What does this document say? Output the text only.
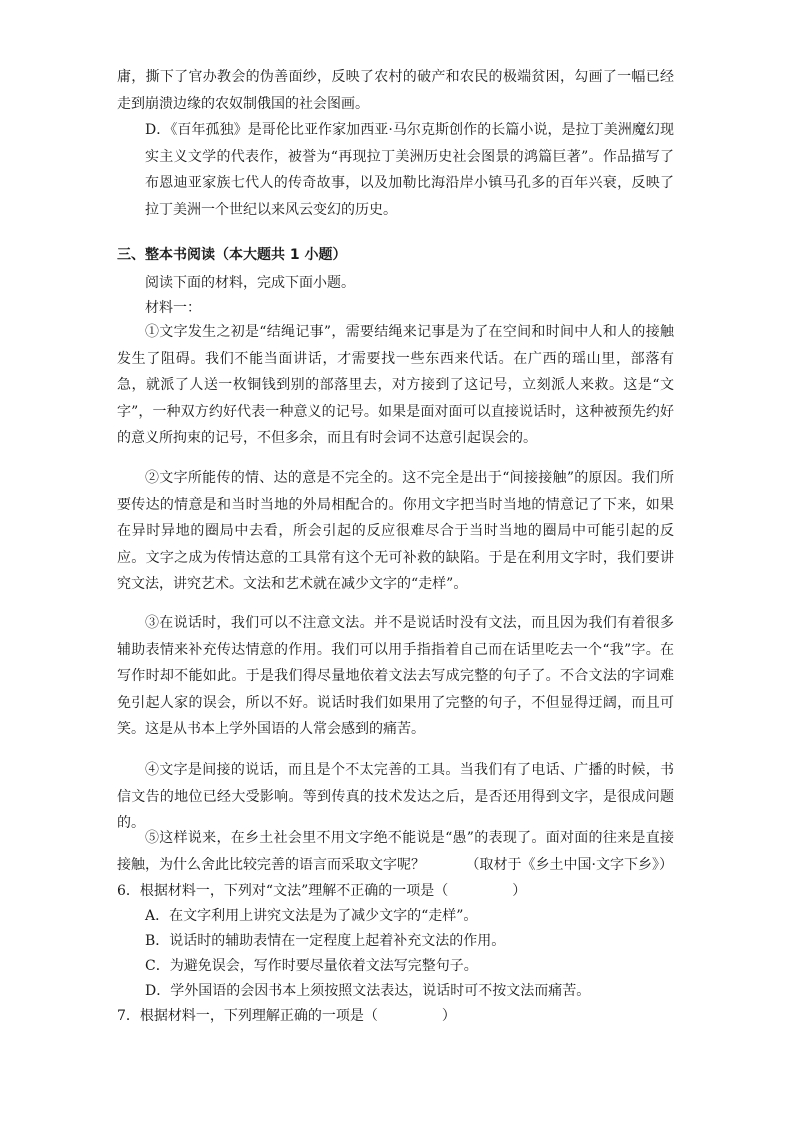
庸，撕下了官办教会的伪善面纱，反映了农村的破产和农民的极端贫困，勾画了一幅已经走到崩溃边缘的农奴制俄国的社会图画。

D．《百年孤独》是哥伦比亚作家加西亚·马尔克斯创作的长篇小说，是拉丁美洲魔幻现实主义文学的代表作，被誉为“再现拉丁美洲历史社会图景的鸿篇巨著”。作品描写了布恩迪亚家族七代人的传奇故事，以及加勒比海沿岸小镇马孔多的百年兴衰，反映了拉丁美洲一个世纪以来风云变幻的历史。

三、整本书阅读（本大题共 1 小题）

阅读下面的材料，完成下面小题。

材料一：

①文字发生之初是“结绳记事”，需要结绳来记事是为了在空间和时间中人和人的接触发生了阻碍。我们不能当面讲话，才需要找一些东西来代话。在广西的瑶山里，部落有急，就派了人送一枚铜钱到别的部落里去，对方接到了这记号，立刻派人来救。这是“文字”，一种双方约好代表一种意义的记号。如果是面对面可以直接说话时，这种被预先约好的意义所拘束的记号，不但多余，而且有时会词不达意引起误会的。

②文字所能传的情、达的意是不完全的。这不完全是出于“间接接触”的原因。我们所要传达的情意是和当时当地的外局相配合的。你用文字把当时当地的情意记了下来，如果在异时异地的圈局中去看，所会引起的反应很难尽合于当时当地的圈局中可能引起的反应。文字之成为传情达意的工具常有这个无可补救的缺陷。于是在利用文字时，我们要讲究文法，讲究艺术。文法和艺术就在减少文字的“走样”。

③在说话时，我们可以不注意文法。并不是说话时没有文法，而且因为我们有着很多辅助表情来补充传达情意的作用。我们可以用手指指着自己而在话里吃去一个“我”字。在写作时却不能如此。于是我们得尽量地依着文法去写成完整的句子了。不合文法的字词难免引起人家的误会，所以不好。说话时我们如果用了完整的句子，不但显得迂阔，而且可笑。这是从书本上学外国语的人常会感到的痛苦。

④文字是间接的说话，而且是个不太完善的工具。当我们有了电话、广播的时候，书信文告的地位已经大受影响。等到传真的技术发达之后，是否还用得到文字，是很成问题的。

⑤这样说来，在乡土社会里不用文字绝不能说是“愚”的表现了。面对面的往来是直接接触，为什么舍此比较完善的语言而采取文字呢？	（取材于《乡土中国·文字下乡》）
6．根据材料一，下列对“文法”理解不正确的一项是（	）
A．在文字利用上讲究文法是为了减少文字的“走样”。
B．说话时的辅助表情在一定程度上起着补充文法的作用。
C．为避免误会，写作时要尽量依着文法写完整句子。
D．学外国语的会因书本上须按照文法表达，说话时可不按文法而痛苦。
7．根据材料一，下列理解正确的一项是（	）
